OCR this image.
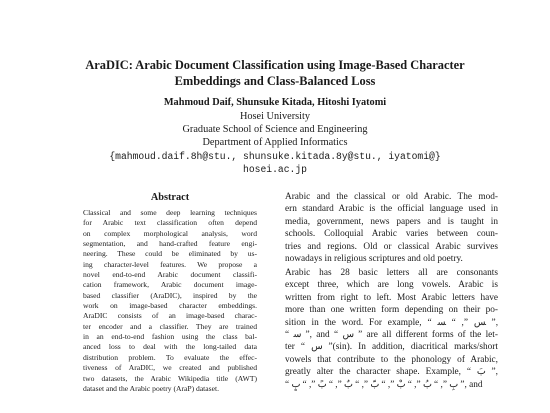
AraDIC: Arabic Document Classification using Image-Based Character
Embeddings and Class-Balanced Loss
Mahmoud Daif, Shunsuke Kitada, Hitoshi Iyatomi
Hosei University
Graduate School of Science and Engineering
Department of Applied Informatics
{mahmoud.daif.8h@stu., shunsuke.kitada.8y@stu., iyatomi@}
hosei.ac.jp
Abstract
Classical and some deep learning techniques
for Arabic text classification often depend
on complex morphological analysis, word
segmentation, and hand-crafted feature engi-
neering. These could be eliminated by us-
ing character-level features. We propose a
novel end-to-end Arabic document classifi-
cation framework, Arabic document image-
based classifier (AraDIC), inspired by the
work on image-based character embeddings.
AraDIC consists of an image-based charac-
ter encoder and a classifier. They are trained
in an end-to-end fashion using the class bal-
anced loss to deal with the long-tailed data
distribution problem. To evaluate the effec-
tiveness of AraDIC, we created and published
two datasets, the Arabic Wikipedia title (AWT)
dataset and the Arabic poetry (AraP) dataset.
Arabic and the classical or old Arabic. The mod-
ern standard Arabic is the official language used in
media, government, news papers and is taught in
schools. Colloquial Arabic varies between coun-
tries and regions. Old or classical Arabic survives
nowadays in religious scriptures and old poetry.
Arabic has 28 basic letters all are consonants
except three, which are long vowels. Arabic is
written from right to left. Most Arabic letters have
more than one written form depending on their po-
sition in the word. For example, “ ﺲ ”, “ ﺴ ”,
“ ﺳ ”, and “ ﺱ ” are all different forms of the let-
ter “ س ”(sin). In addition, diacritical marks/short
vowels that contribute to the phonology of Arabic,
greatly alter the character shape. Example, “ بَ ”,
“ بِ ”, “ بُ ”, “ بْ ”, “ بّ ”, “ بٌ ”, “ بً ”, “ بٍ ”, and
